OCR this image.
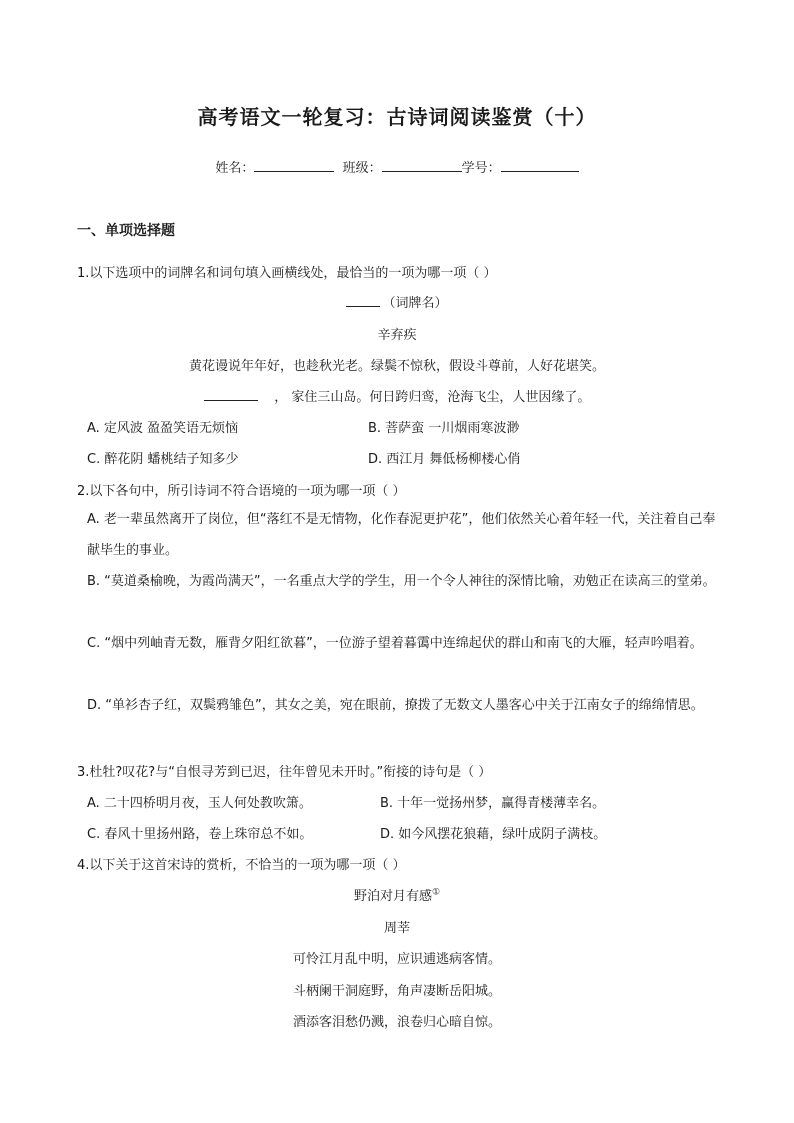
高考语文一轮复习：古诗词阅读鉴赏（十）
姓名：	班级：	学号：
一、单项选择题
1.以下选项中的词牌名和词句填入画横线处，最恰当的一项为哪一项（ ）
（词牌名）
辛弃疾
黄花谩说年年好，也趁秋光老。绿鬓不惊秋，假设斗尊前，人好花堪笑。
， 家住三山岛。何日跨归鸾，沧海飞尘，人世因缘了。
A. 定风波 盈盈笑语无烦恼	B. 菩萨蛮 一川烟雨寒波渺
C. 醉花阴 蟠桃结子知多少	D. 西江月 舞低杨柳楼心俏
2.以下各句中，所引诗词不符合语境的一项为哪一项（ ）
A. 老一辈虽然离开了岗位，但“落红不是无情物，化作春泥更护花”，他们依然关心着年轻一代，关注着自己奉献毕生的事业。
B. “莫道桑榆晚，为霞尚满天”，一名重点大学的学生，用一个令人神往的深情比喻，劝勉正在读高三的堂弟。
C. “烟中列岫青无数，雁背夕阳红欲暮”，一位游子望着暮霭中连绵起伏的群山和南飞的大雁，轻声吟唱着。
D. “单衫杏子红，双鬓鸦雏色”，其女之美，宛在眼前，撩拨了无数文人墨客心中关于江南女子的绵绵情思。
3.杜牡?叹花?与“自恨寻芳到已迟，往年曾见未开时。”衔接的诗句是（ ）
A. 二十四桥明月夜，玉人何处教吹箫。	B. 十年一觉扬州梦，赢得青楼薄幸名。
C. 春风十里扬州路，卷上珠帘总不如。	D. 如今风摆花狼藉，绿叶成阴子满枝。
4.以下关于这首宋诗的赏析，不恰当的一项为哪一项（ ）
野泊对月有感①
周莘
可怜江月乱中明，应识逋逃病客情。
斗柄阑干洞庭野，角声凄断岳阳城。
酒添客泪愁仍溅，浪卷归心暗自惊。
